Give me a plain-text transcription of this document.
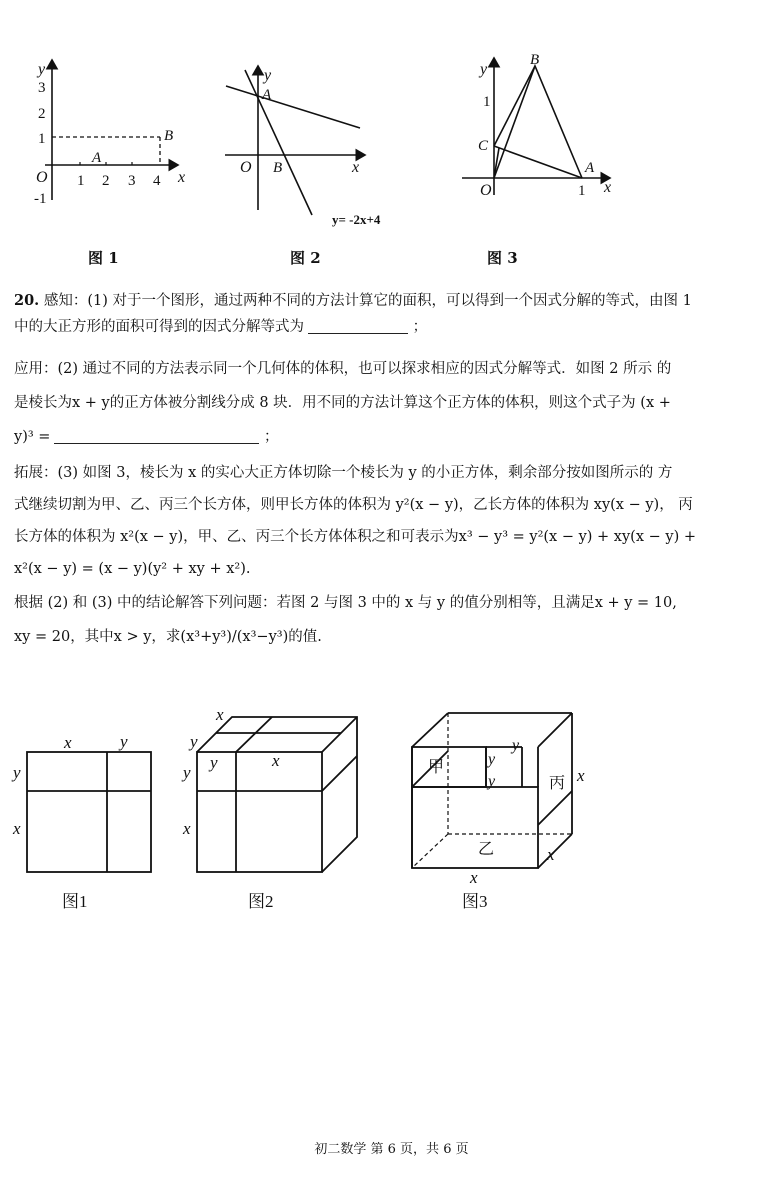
y
x
O
A
B
1 2 3 4
3
2
1
-1
y
x
O
A
B
y= -2x+4
y
x
O
A
B
C
1
1
图 1	图 2	图 3
20. 感知：(1) 对于一个图形，通过两种不同的方法计算它的面积，可以得到一个因式分解的等式，由图 1
中的大正方形的面积可得到的因式分解等式为	；
应用：(2) 通过不同的方法表示同一个几何体的体积，也可以探求相应的因式分解等式．如图 2 所示 的
是棱长为x + y的正方体被分割线分成 8 块．用不同的方法计算这个正方体的体积，则这个式子为 (x +
y)³ =	；
拓展：(3) 如图 3，棱长为 x 的实心大正方体切除一个棱长为 y 的小正方体，剩余部分按如图所示的 方
式继续切割为甲、乙、丙三个长方体，则甲长方体的体积为 y²(x − y)，乙长方体的体积为 xy(x − y)， 丙
长方体的体积为 x²(x − y)，甲、乙、丙三个长方体体积之和可表示为x³ − y³ = y²(x − y) + xy(x − y) +
x²(x − y) = (x − y)(y² + xy + x²).
根据 (2) 和 (3) 中的结论解答下列问题：若图 2 与图 3 中的 x 与 y 的值分别相等，且满足x + y = 10,
xy = 20，其中x > y，求(x³+y³)/(x³−y³)的值.
x	y
y
x
x
y
y
x
y	x	甲	y
y
y	丙 x
乙	x
x
图1	图2	图3
初二数学 第 6 页，共 6 页
